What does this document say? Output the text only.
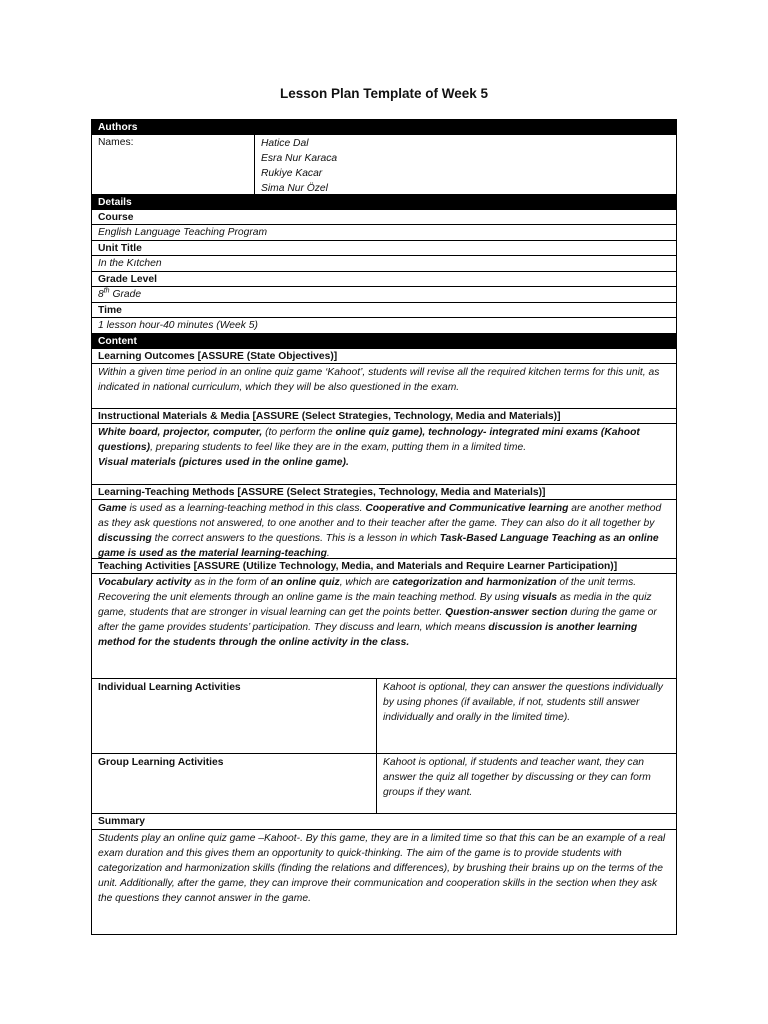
Lesson Plan Template of Week 5
Authors
Names:	Hatice Dal
Esra Nur Karaca
Rukiye Kacar
Sima Nur Özel
Details
Course
English Language Teaching Program
Unit Title
In the Kıtchen
Grade Level
8th Grade
Time
1 lesson hour-40 minutes (Week 5)
Content
Learning Outcomes [ASSURE (State Objectives)]
Within a given time period in an online quiz game ‘Kahoot’, students will revise all the required kitchen terms for this unit, as indicated in national curriculum, which they will be also questioned in the exam.
Instructional Materials & Media [ASSURE (Select Strategies, Technology, Media and Materials)]
White board, projector, computer, (to perform the online quiz game), technology- integrated mini exams (Kahoot questions), preparing students to feel like they are in the exam, putting them in a limited time.
Visual materials (pictures used in the online game).
Learning-Teaching Methods [ASSURE (Select Strategies, Technology, Media and Materials)]
Game is used as a learning-teaching method in this class. Cooperative and Communicative learning are another method as they ask questions not answered, to one another and to their teacher after the game. They can also do it all together by discussing the correct answers to the questions. This is a lesson in which Task-Based Language Teaching as an online game is used as the material learning-teaching.
Teaching Activities [ASSURE (Utilize Technology, Media, and Materials and Require Learner Participation)]
Vocabulary activity as in the form of an online quiz, which are categorization and harmonization of the unit terms. Recovering the unit elements through an online game is the main teaching method. By using visuals as media in the quiz game, students that are stronger in visual learning can get the points better. Question-answer section during the game or after the game provides students’ participation. They discuss and learn, which means discussion is another learning method for the students through the online activity in the class.
Individual Learning Activities	Kahoot is optional, they can answer the questions individually by using phones (if available, if not, students still answer individually and orally in the limited time).
Group Learning Activities	Kahoot is optional, if students and teacher want, they can answer the quiz all together by discussing or they can form groups if they want.
Summary
Students play an online quiz game –Kahoot-. By this game, they are in a limited time so that this can be an example of a real exam duration and this gives them an opportunity to quick-thinking. The aim of the game is to provide students with categorization and harmonization skills (finding the relations and differences), by brushing their brains up on the terms of the unit. Additionally, after the game, they can improve their communication and cooperation skills in the section when they ask the questions they cannot answer in the game.
